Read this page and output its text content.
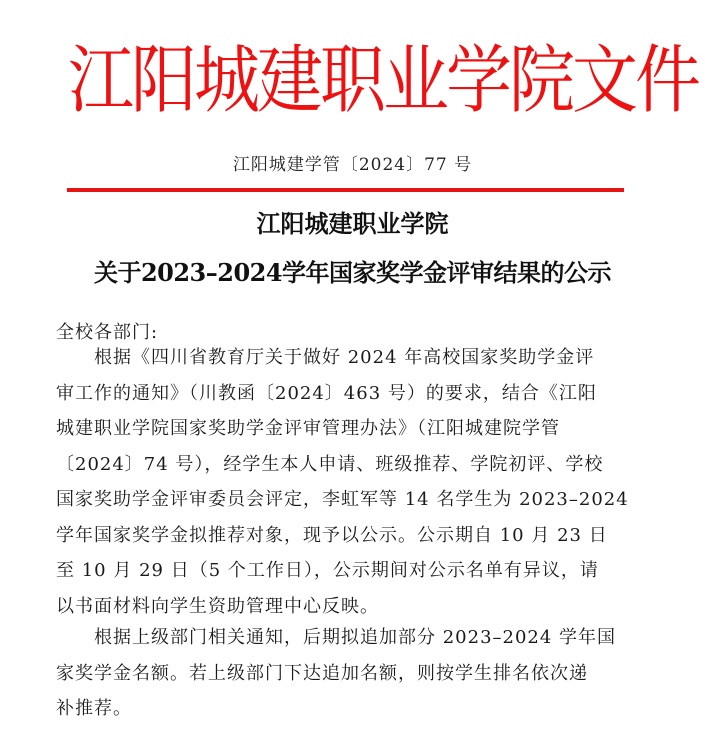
江阳城建职业学院文件
江阳城建学管〔2024〕77 号
江阳城建职业学院
关于2023–2024学年国家奖学金评审结果的公示
全校各部门:
根据《四川省教育厅关于做好 2024 年高校国家奖助学金评
审工作的通知》（川教函〔2024〕463 号）的要求，结合《江阳
城建职业学院国家奖助学金评审管理办法》（江阳城建院学管
〔2024〕74 号），经学生本人申请、班级推荐、学院初评、学校
国家奖助学金评审委员会评定，李虹军等 14 名学生为 2023–2024
学年国家奖学金拟推荐对象，现予以公示。公示期自 10 月 23 日
至 10 月 29 日（5 个工作日），公示期间对公示名单有异议，请
以书面材料向学生资助管理中心反映。
根据上级部门相关通知，后期拟追加部分 2023–2024 学年国
家奖学金名额。若上级部门下达追加名额，则按学生排名依次递
补推荐。
